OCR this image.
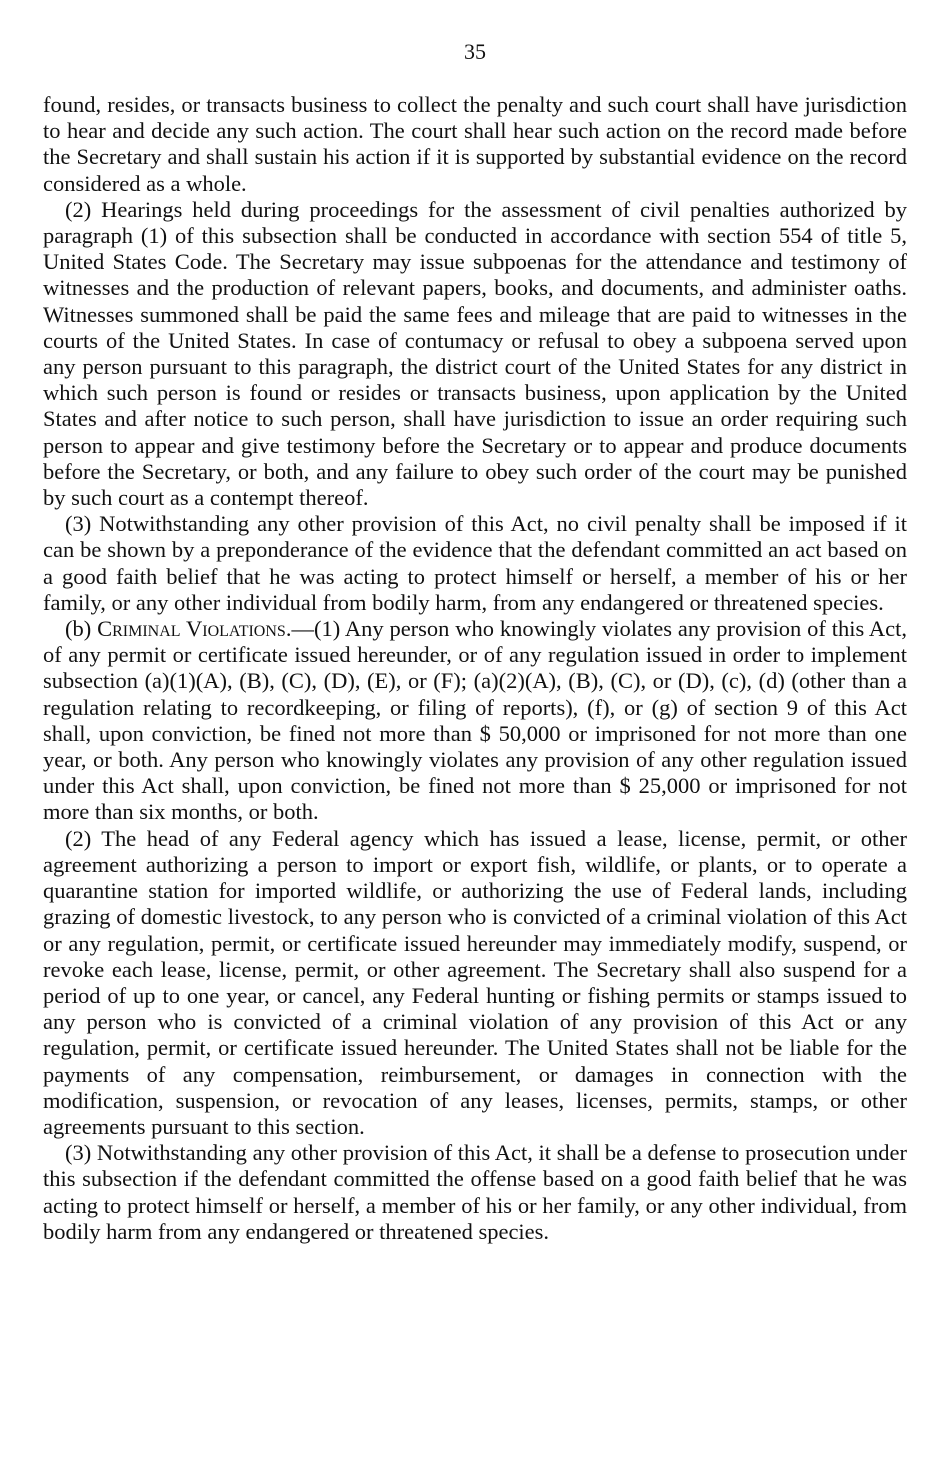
35

found, resides, or transacts business to collect the penalty and such court shall have jurisdiction to hear and decide any such action. The court shall hear such action on the record made before the Secretary and shall sustain his action if it is supported by substantial evidence on the record considered as a whole.

(2) Hearings held during proceedings for the assessment of civil penalties authorized by paragraph (1) of this subsection shall be conducted in accordance with section 554 of title 5, United States Code. The Secretary may issue subpoenas for the attendance and testimony of witnesses and the production of relevant papers, books, and documents, and administer oaths. Witnesses summoned shall be paid the same fees and mileage that are paid to witnesses in the courts of the United States. In case of contumacy or refusal to obey a subpoena served upon any person pursuant to this paragraph, the district court of the United States for any district in which such person is found or resides or transacts business, upon application by the United States and after notice to such person, shall have jurisdiction to issue an order requiring such person to appear and give testimony before the Secretary or to appear and produce documents before the Secretary, or both, and any failure to obey such order of the court may be punished by such court as a contempt thereof.

(3) Notwithstanding any other provision of this Act, no civil penalty shall be imposed if it can be shown by a preponderance of the evidence that the defendant committed an act based on a good faith belief that he was acting to protect himself or herself, a member of his or her family, or any other individual from bodily harm, from any endangered or threatened species.

(b) Criminal Violations.—(1) Any person who knowingly violates any provision of this Act, of any permit or certificate issued hereunder, or of any regulation issued in order to implement subsection (a)(1)(A), (B), (C), (D), (E), or (F); (a)(2)(A), (B), (C), or (D), (c), (d) (other than a regulation relating to recordkeeping, or filing of reports), (f), or (g) of section 9 of this Act shall, upon conviction, be fined not more than $ 50,000 or imprisoned for not more than one year, or both. Any person who knowingly violates any provision of any other regulation issued under this Act shall, upon conviction, be fined not more than $ 25,000 or imprisoned for not more than six months, or both.

(2) The head of any Federal agency which has issued a lease, license, permit, or other agreement authorizing a person to import or export fish, wildlife, or plants, or to operate a quarantine station for imported wildlife, or authorizing the use of Federal lands, including grazing of domestic livestock, to any person who is convicted of a criminal violation of this Act or any regulation, permit, or certificate issued hereunder may immediately modify, suspend, or revoke each lease, license, permit, or other agreement. The Secretary shall also suspend for a period of up to one year, or cancel, any Federal hunting or fishing permits or stamps issued to any person who is convicted of a criminal violation of any provision of this Act or any regulation, permit, or certificate issued hereunder. The United States shall not be liable for the payments of any compensation, reimbursement, or damages in connection with the modification, suspension, or revocation of any leases, licenses, permits, stamps, or other agreements pursuant to this section.

(3) Notwithstanding any other provision of this Act, it shall be a defense to prosecution under this subsection if the defendant committed the offense based on a good faith belief that he was acting to protect himself or herself, a member of his or her family, or any other individual, from bodily harm from any endangered or threatened species.
